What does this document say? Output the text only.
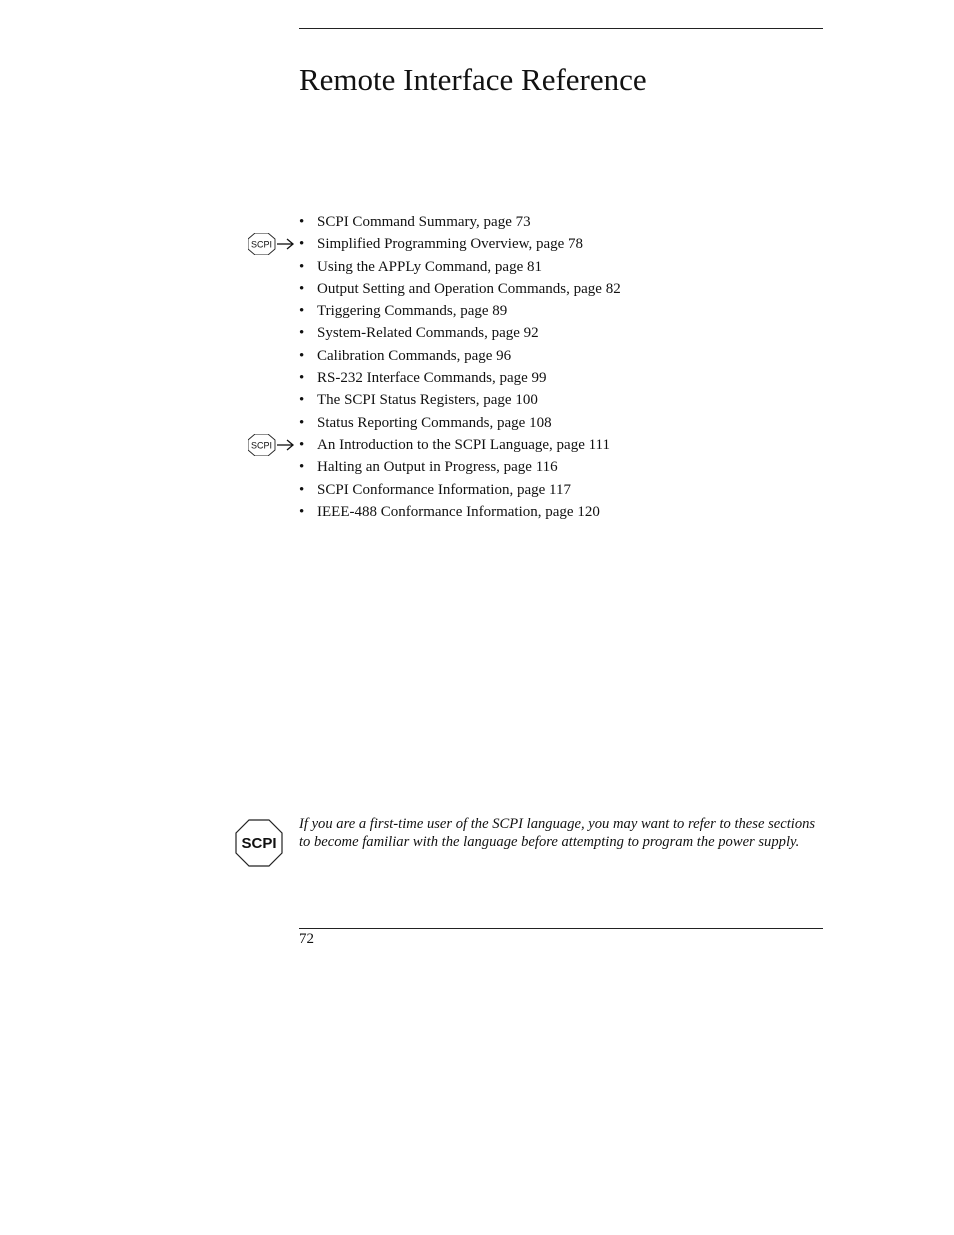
Remote Interface Reference
• SCPI Command Summary, page 73
SCPI • Simplified Programming Overview, page 78
• Using the APPLy Command, page 81
• Output Setting and Operation Commands, page 82
• Triggering Commands, page 89
• System-Related Commands, page 92
• Calibration Commands, page 96
• RS-232 Interface Commands, page 99
• The SCPI Status Registers, page 100
• Status Reporting Commands, page 108
SCPI • An Introduction to the SCPI Language, page 111
• Halting an Output in Progress, page 116
• SCPI Conformance Information, page 117
• IEEE-488 Conformance Information, page 120
SCPI

If you are a first-time user of the SCPI language, you may want to refer to these sections to become familiar with the language before attempting to program the power supply.

72
